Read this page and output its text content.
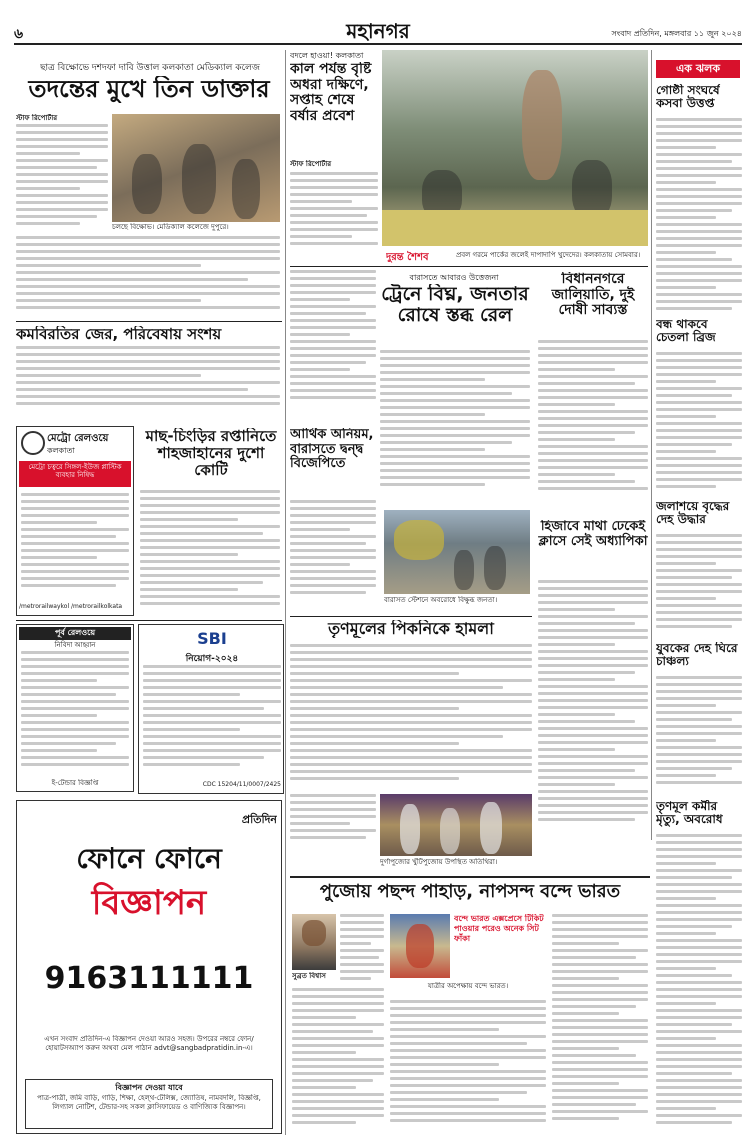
৬	মহানগর	সংবাদ প্রতিদিন, মঙ্গলবার ১১ জুন ২০২৪
ছাত্র বিক্ষোভে দশদফা দাবি উত্তাল কলকাতা মেডিক্যাল কলেজ
তদন্তের মুখে তিন ডাক্তার
স্টাফ রিপোর্টার
চলছে বিক্ষোভ। মেডিক্যাল কলেজে দুপুরে।
কমবিরতির জের, পরিবেষায় সংশয়
মেট্রো রেলওয়ে
কলকাতা
মেট্রো চত্বরে সিঙ্গল-ইউজ প্লাস্টিক ব্যবহার নিষিদ্ধ
/metrorailwaykol /metrorailkolkata
মাছ-চিংড়ির রপ্তানিতে শাহজাহানের দুশো কোটি
পূর্ব রেলওয়ে
নিবিদা আহ্বান
ই-টেন্ডার বিজ্ঞপ্তি
SBI
নিয়োগ-২০২৪
CDC 15204/11/0007/2425
প্রতিদিন
ফোনে ফোনে
বিজ্ঞাপন
9163111111
এখন সংবাদ প্রতিদিন-এ বিজ্ঞাপন দেওয়া আরও সহজ। উপরের নম্বরে ফোন/হোয়াটসঅ্যাপ করুন অথবা মেল পাঠান advt@sangbadpratidin.in-এ।
বিজ্ঞাপন দেওয়া যাবে
পাত্র-পাত্রী, জমি বাড়ি, গাড়ি, শিক্ষা, হেল্থ-টেলিক্স, জ্যোতিষ, নামবদলি, বিজ্ঞপ্তি, লিগ্যাল নোটিশ, টেন্ডার-সহ সকল ক্লাসিফায়েড ও বাণিজ্যিক বিজ্ঞাপন।
বদলে হাওয়া! কলকাতা
কাল পর্যন্ত বৃষ্টি অধরা দক্ষিণে, সপ্তাহ শেষে বর্ষার প্রবেশ
স্টাফ রিপোর্টার
দুরন্ত শৈশব	প্রবল গরমে পার্কের জলেই দাপাদাপি খুদেদের। কলকাতায় সোমবার।
বারাসতে আবারও উত্তেজনা
ট্রেনে বিঘ্ন, জনতার রোষে স্তব্ধ রেল
বারাসত স্টেশনে অবরোধে বিক্ষুব্ধ জনতা।
আর্থিক অনিয়ম, বারাসতে দ্বন্দ্ব বিজেপিতে
বিধাননগরে জালিয়াতি, দুই দোষী সাব্যস্ত
হিজাবে মাথা ঢেকেই ক্লাসে সেই অধ্যাপিকা
তৃণমূলের পিকনিকে হামলা
দুর্গাপুজোর খুঁটিপুজোয় উপস্থিত অতিথিরা।
এক ঝলক
গোষ্ঠী সংঘর্ষে কসবা উত্তপ্ত
বন্ধ থাকবে চেতলা ব্রিজ
জলাশয়ে বৃদ্ধের দেহ উদ্ধার
যুবকের দেহ ঘিরে চাঞ্চল্য
তৃণমূল কর্মীর মৃত্যু, অবরোধ
পুজোয় পছন্দ পাহাড়, নাপসন্দ বন্দে ভারত
সুব্রত বিশ্বাস
বন্দে ভারত এক্সপ্রেসে টিকিট পাওয়ার পরেও অনেক সিট ফাঁকা
যাত্রীর অপেক্ষায় বন্দে ভারত।
